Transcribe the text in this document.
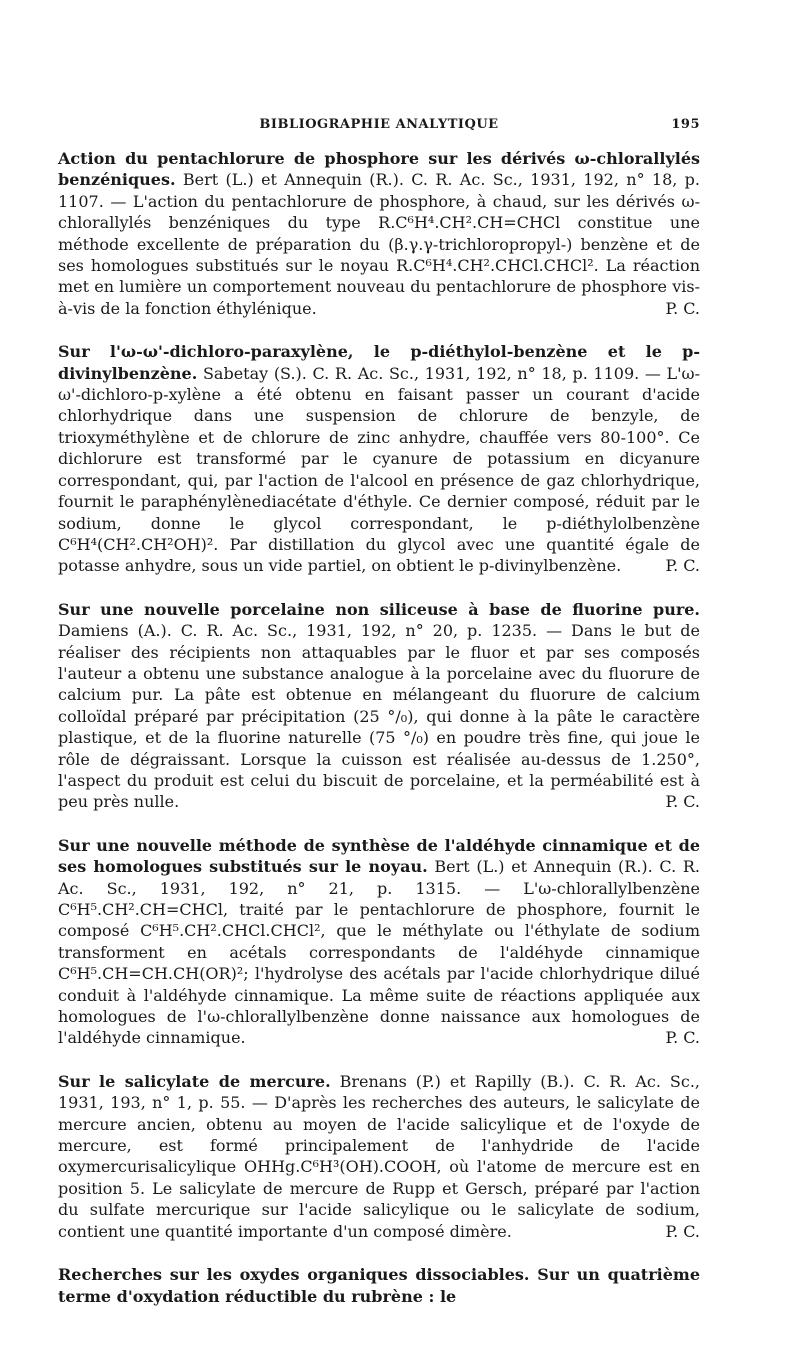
BIBLIOGRAPHIE ANALYTIQUE	195
Action du pentachlorure de phosphore sur les dérivés ω-chlorallylés benzéniques. Bert (L.) et Annequin (R.). C. R. Ac. Sc., 1931, 192, n° 18, p. 1107. — L'action du pentachlorure de phosphore, à chaud, sur les dérivés ω-chlorallylés benzéniques du type R.C⁶H⁴.CH².CH=CHCl constitue une méthode excellente de préparation du (β.γ.γ-trichloropropyl-) benzène et de ses homologues substitués sur le noyau R.C⁶H⁴.CH².CHCl.CHCl². La réaction met en lumière un comportement nouveau du pentachlorure de phosphore vis-à-vis de la fonction éthylénique.	P. C.
Sur l'ω-ω'-dichloro-paraxylène, le p-diéthylol-benzène et le p-divinylbenzène. Sabetay (S.). C. R. Ac. Sc., 1931, 192, n° 18, p. 1109. — L'ω-ω'-dichloro-p-xylène a été obtenu en faisant passer un courant d'acide chlorhydrique dans une suspension de chlorure de benzyle, de trioxyméthylène et de chlorure de zinc anhydre, chauffée vers 80-100°. Ce dichlorure est transformé par le cyanure de potassium en dicyanure correspondant, qui, par l'action de l'alcool en présence de gaz chlorhydrique, fournit le paraphénylènediacétate d'éthyle. Ce dernier composé, réduit par le sodium, donne le glycol correspondant, le p-diéthylolbenzène C⁶H⁴(CH².CH²OH)². Par distillation du glycol avec une quantité égale de potasse anhydre, sous un vide partiel, on obtient le p-divinylbenzène.	P. C.
Sur une nouvelle porcelaine non siliceuse à base de fluorine pure. Damiens (A.). C. R. Ac. Sc., 1931, 192, n° 20, p. 1235. — Dans le but de réaliser des récipients non attaquables par le fluor et par ses composés l'auteur a obtenu une substance analogue à la porcelaine avec du fluorure de calcium pur. La pâte est obtenue en mélangeant du fluorure de calcium colloïdal préparé par précipitation (25 °/₀), qui donne à la pâte le caractère plastique, et de la fluorine naturelle (75 °/₀) en poudre très fine, qui joue le rôle de dégraissant. Lorsque la cuisson est réalisée au-dessus de 1.250°, l'aspect du produit est celui du biscuit de porcelaine, et la perméabilité est à peu près nulle.	P. C.
Sur une nouvelle méthode de synthèse de l'aldéhyde cinnamique et de ses homologues substitués sur le noyau. Bert (L.) et Annequin (R.). C. R. Ac. Sc., 1931, 192, n° 21, p. 1315. — L'ω-chlorallylbenzène C⁶H⁵.CH².CH=CHCl, traité par le pentachlorure de phosphore, fournit le composé C⁶H⁵.CH².CHCl.CHCl², que le méthylate ou l'éthylate de sodium transforment en acétals correspondants de l'aldéhyde cinnamique C⁶H⁵.CH=CH.CH(OR)²; l'hydrolyse des acétals par l'acide chlorhydrique dilué conduit à l'aldéhyde cinnamique. La même suite de réactions appliquée aux homologues de l'ω-chlorallylbenzène donne naissance aux homologues de l'aldéhyde cinnamique.	P. C.
Sur le salicylate de mercure. Brenans (P.) et Rapilly (B.). C. R. Ac. Sc., 1931, 193, n° 1, p. 55. — D'après les recherches des auteurs, le salicylate de mercure ancien, obtenu au moyen de l'acide salicylique et de l'oxyde de mercure, est formé principalement de l'anhydride de l'acide oxymercurisalicylique OHHg.C⁶H³(OH).COOH, où l'atome de mercure est en position 5. Le salicylate de mercure de Rupp et Gersch, préparé par l'action du sulfate mercurique sur l'acide salicylique ou le salicylate de sodium, contient une quantité importante d'un composé dimère.	P. C.
Recherches sur les oxydes organiques dissociables. Sur un quatrième terme d'oxydation réductible du rubrène : le
